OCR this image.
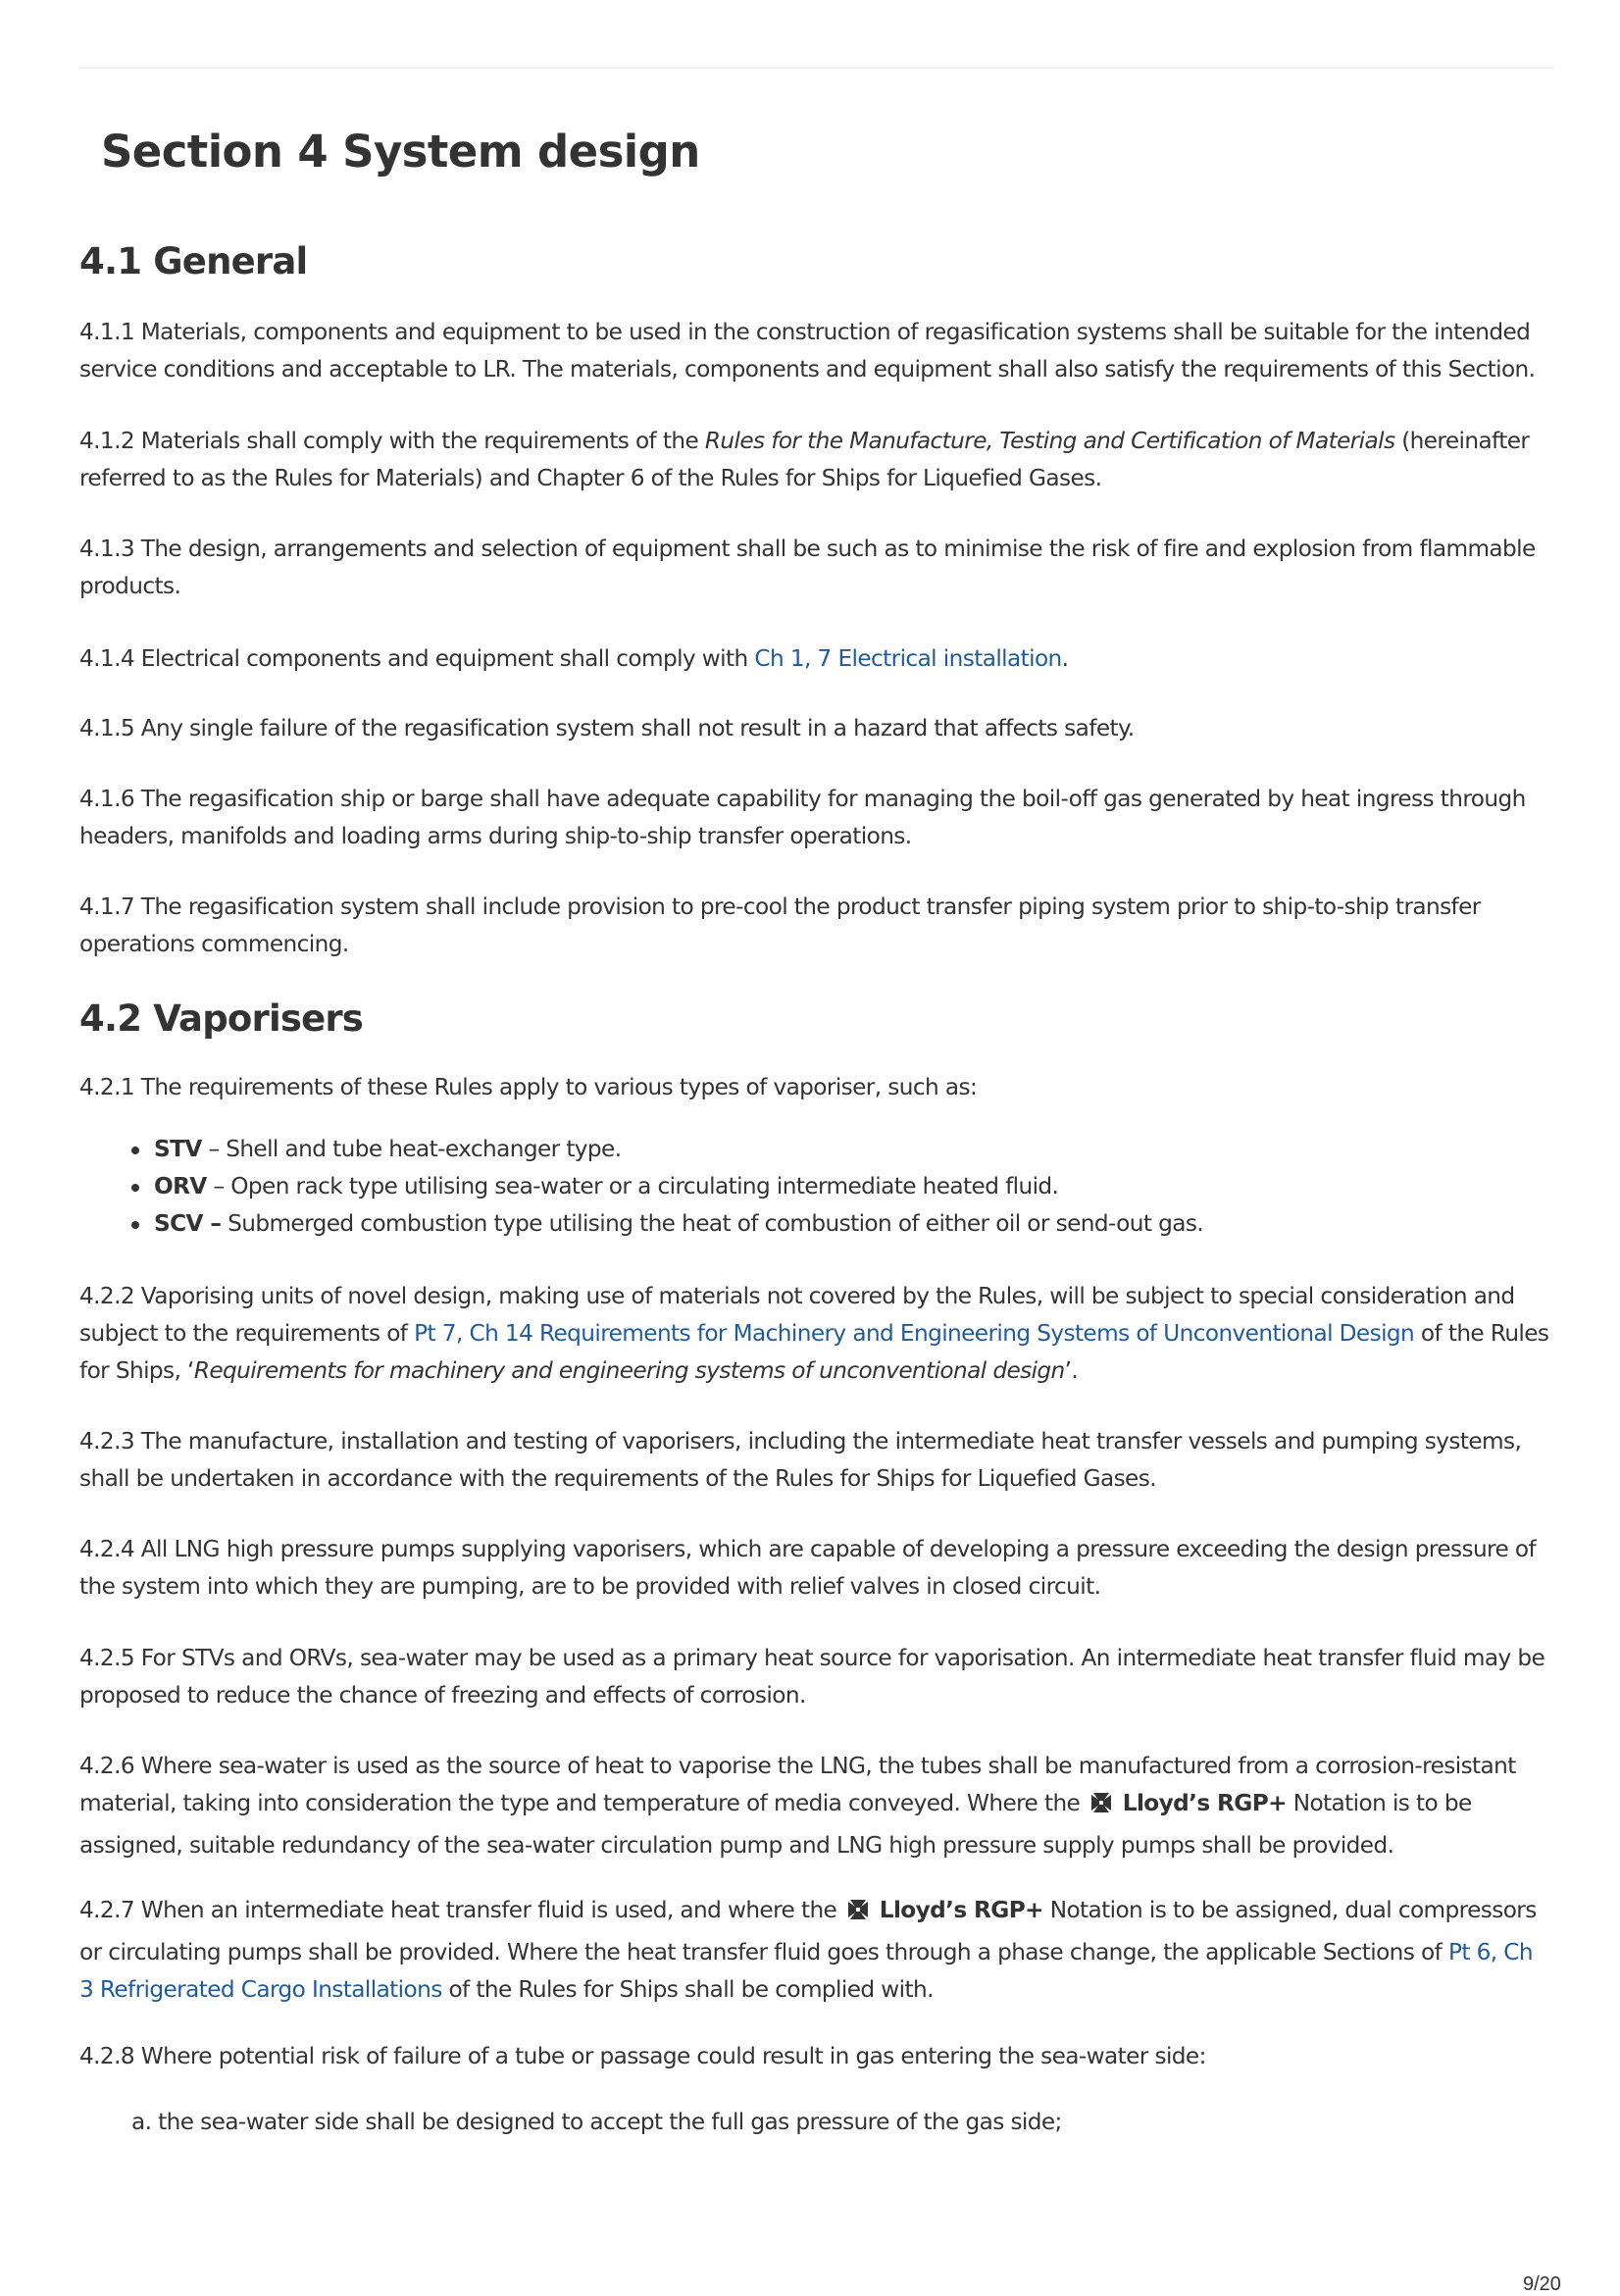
Section 4 System design
4.1 General

4.1.1 Materials, components and equipment to be used in the construction of regasification systems shall be suitable for the intended service conditions and acceptable to LR. The materials, components and equipment shall also satisfy the requirements of this Section.

4.1.2 Materials shall comply with the requirements of the Rules for the Manufacture, Testing and Certification of Materials (hereinafter referred to as the Rules for Materials) and Chapter 6 of the Rules for Ships for Liquefied Gases.

4.1.3 The design, arrangements and selection of equipment shall be such as to minimise the risk of fire and explosion from flammable products.

4.1.4 Electrical components and equipment shall comply with Ch 1, 7 Electrical installation.

4.1.5 Any single failure of the regasification system shall not result in a hazard that affects safety.

4.1.6 The regasification ship or barge shall have adequate capability for managing the boil-off gas generated by heat ingress through headers, manifolds and loading arms during ship-to-ship transfer operations.

4.1.7 The regasification system shall include provision to pre-cool the product transfer piping system prior to ship-to-ship transfer operations commencing.

4.2 Vaporisers

4.2.1 The requirements of these Rules apply to various types of vaporiser, such as:

STV – Shell and tube heat-exchanger type.
ORV – Open rack type utilising sea-water or a circulating intermediate heated fluid.
SCV – Submerged combustion type utilising the heat of combustion of either oil or send-out gas.

4.2.2 Vaporising units of novel design, making use of materials not covered by the Rules, will be subject to special consideration and subject to the requirements of Pt 7, Ch 14 Requirements for Machinery and Engineering Systems of Unconventional Design of the Rules for Ships, ‘Requirements for machinery and engineering systems of unconventional design’.

4.2.3 The manufacture, installation and testing of vaporisers, including the intermediate heat transfer vessels and pumping systems, shall be undertaken in accordance with the requirements of the Rules for Ships for Liquefied Gases.

4.2.4 All LNG high pressure pumps supplying vaporisers, which are capable of developing a pressure exceeding the design pressure of the system into which they are pumping, are to be provided with relief valves in closed circuit.

4.2.5 For STVs and ORVs, sea-water may be used as a primary heat source for vaporisation. An intermediate heat transfer fluid may be proposed to reduce the chance of freezing and effects of corrosion.

4.2.6 Where sea-water is used as the source of heat to vaporise the LNG, the tubes shall be manufactured from a corrosion-resistant material, taking into consideration the type and temperature of media conveyed. Where the  Lloyd’s RGP+ Notation is to be assigned, suitable redundancy of the sea-water circulation pump and LNG high pressure supply pumps shall be provided.

4.2.7 When an intermediate heat transfer fluid is used, and where the  Lloyd’s RGP+ Notation is to be assigned, dual compressors or circulating pumps shall be provided. Where the heat transfer fluid goes through a phase change, the applicable Sections of Pt 6, Ch 3 Refrigerated Cargo Installations of the Rules for Ships shall be complied with.

4.2.8 Where potential risk of failure of a tube or passage could result in gas entering the sea-water side:

a. the sea-water side shall be designed to accept the full gas pressure of the gas side;

9/20
